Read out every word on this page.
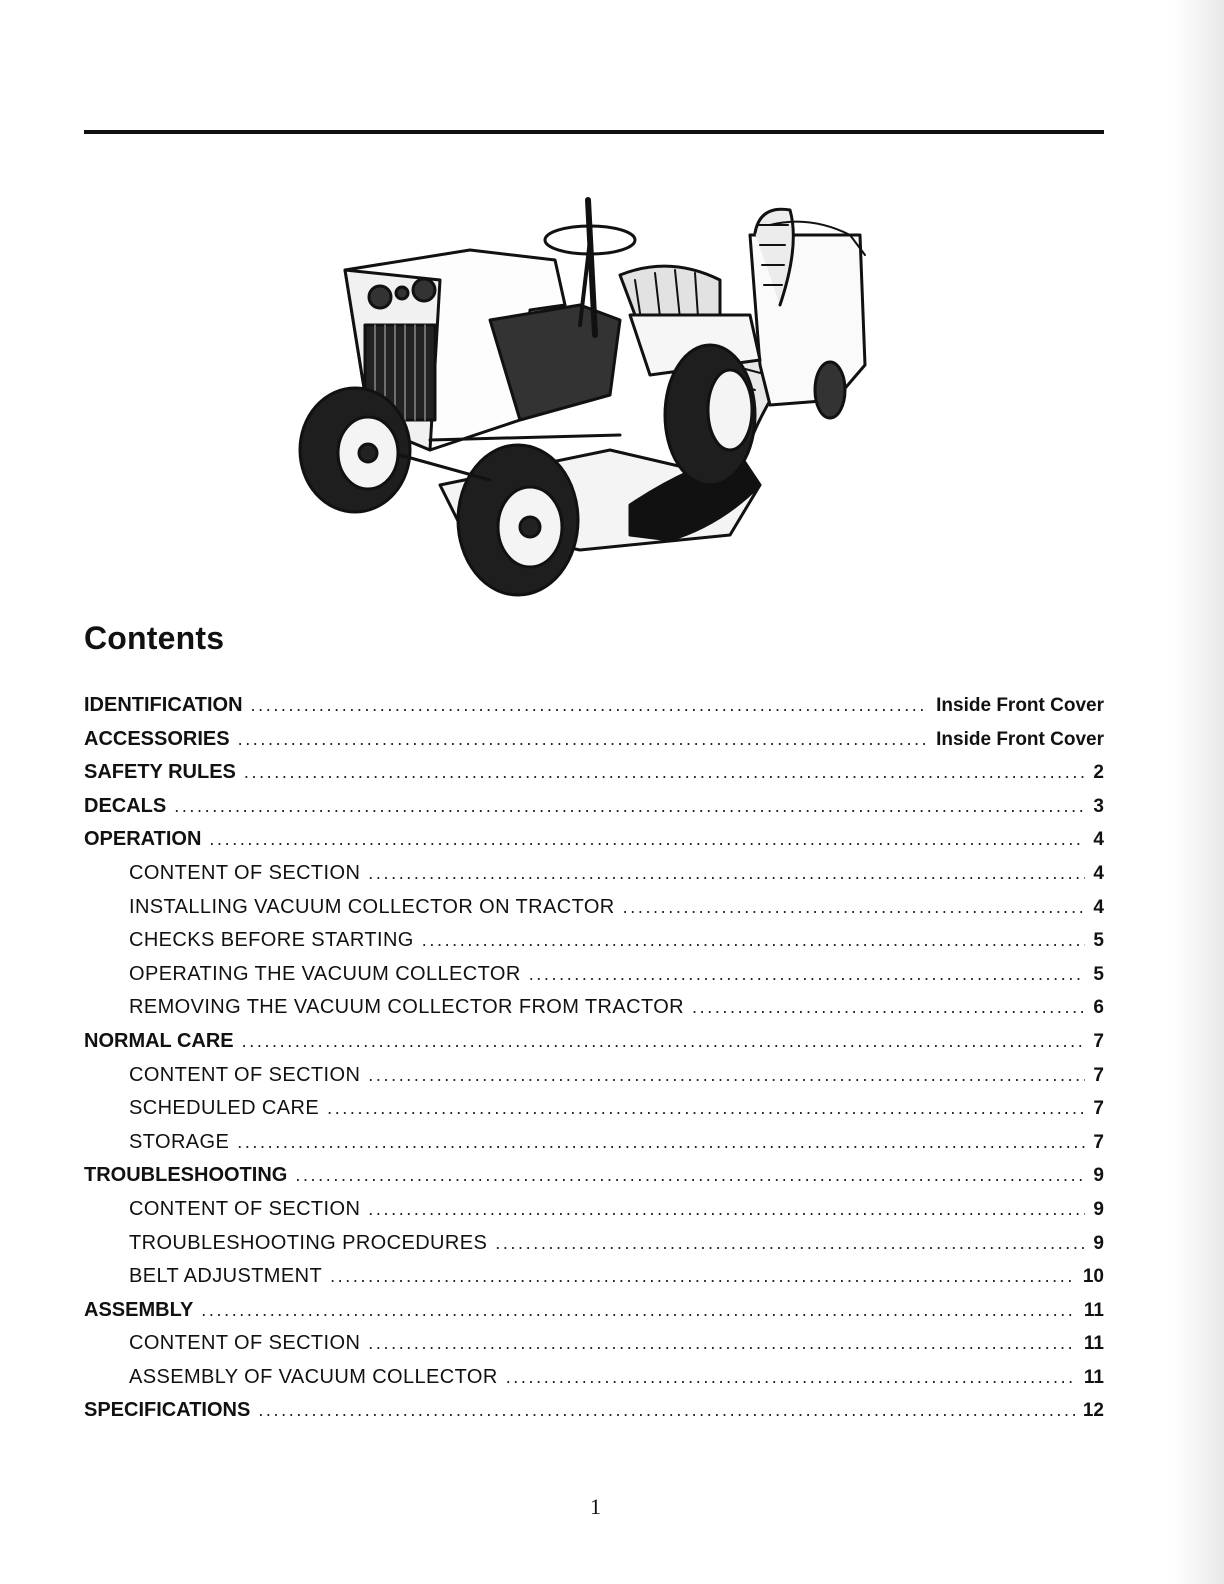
Contents
IDENTIFICATION .....	Inside Front Cover
ACCESSORIES .....	Inside Front Cover
SAFETY RULES .....	2
DECALS .....	3
OPERATION .....	4
CONTENT OF SECTION .....	4
INSTALLING VACUUM COLLECTOR ON TRACTOR .....	4
CHECKS BEFORE STARTING .....	5
OPERATING THE VACUUM COLLECTOR .....	5
REMOVING THE VACUUM COLLECTOR FROM TRACTOR .....	6
NORMAL CARE .....	7
CONTENT OF SECTION .....	7
SCHEDULED CARE .....	7
STORAGE .....	7
TROUBLESHOOTING .....	9
CONTENT OF SECTION .....	9
TROUBLESHOOTING PROCEDURES .....	9
BELT ADJUSTMENT .....	10
ASSEMBLY .....	11
CONTENT OF SECTION .....	11
ASSEMBLY OF VACUUM COLLECTOR .....	11
SPECIFICATIONS .....	12
1
